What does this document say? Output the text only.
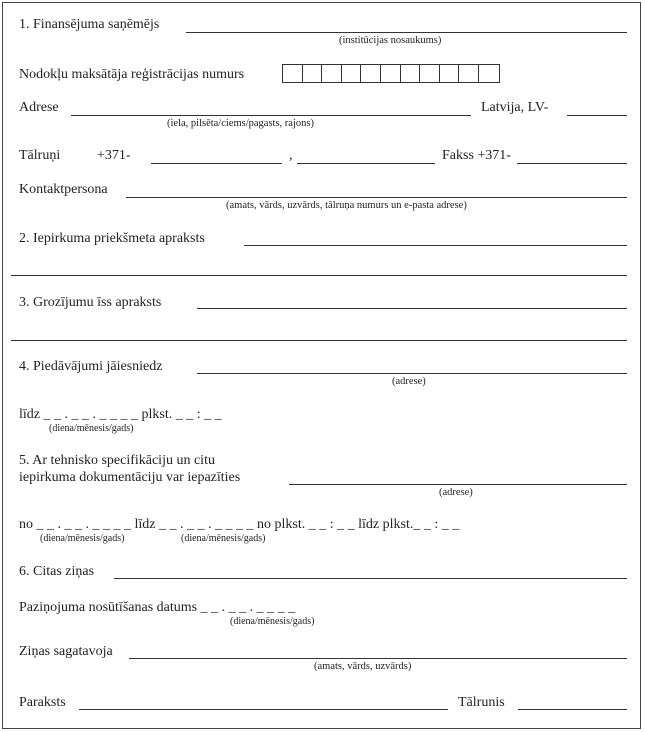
1. Finansējuma saņēmējs
(institūcijas nosaukums)
Nodokļu maksātāja reģistrācijas numurs
Adrese	Latvija, LV-
(iela, pilsēta/ciems/pagasts, rajons)
Tālruņi	+371-	,	Fakss +371-
Kontaktpersona
(amats, vārds, uzvārds, tālruņa numurs un e-pasta adrese)
2. Iepirkuma priekšmeta apraksts
3. Grozījumu īss apraksts
4. Piedāvājumi jāiesniedz
(adrese)
līdz _ _ . _ _ . _ _ _ _ plkst. _ _ : _ _
(diena/mēnesis/gads)
5. Ar tehnisko specifikāciju un citu
iepirkuma dokumentāciju var iepazīties
(adrese)
no _ _ . _ _ . _ _ _ _ līdz _ _ . _ _ . _ _ _ _ no plkst. _ _ : _ _ līdz plkst._ _ : _ _
(diena/mēnesis/gads)	(diena/mēnesis/gads)
6. Citas ziņas
Paziņojuma nosūtīšanas datums _ _ . _ _ . _ _ _ _
(diena/mēnesis/gads)
Ziņas sagatavoja
(amats, vārds, uzvārds)
Paraksts	Tālrunis
